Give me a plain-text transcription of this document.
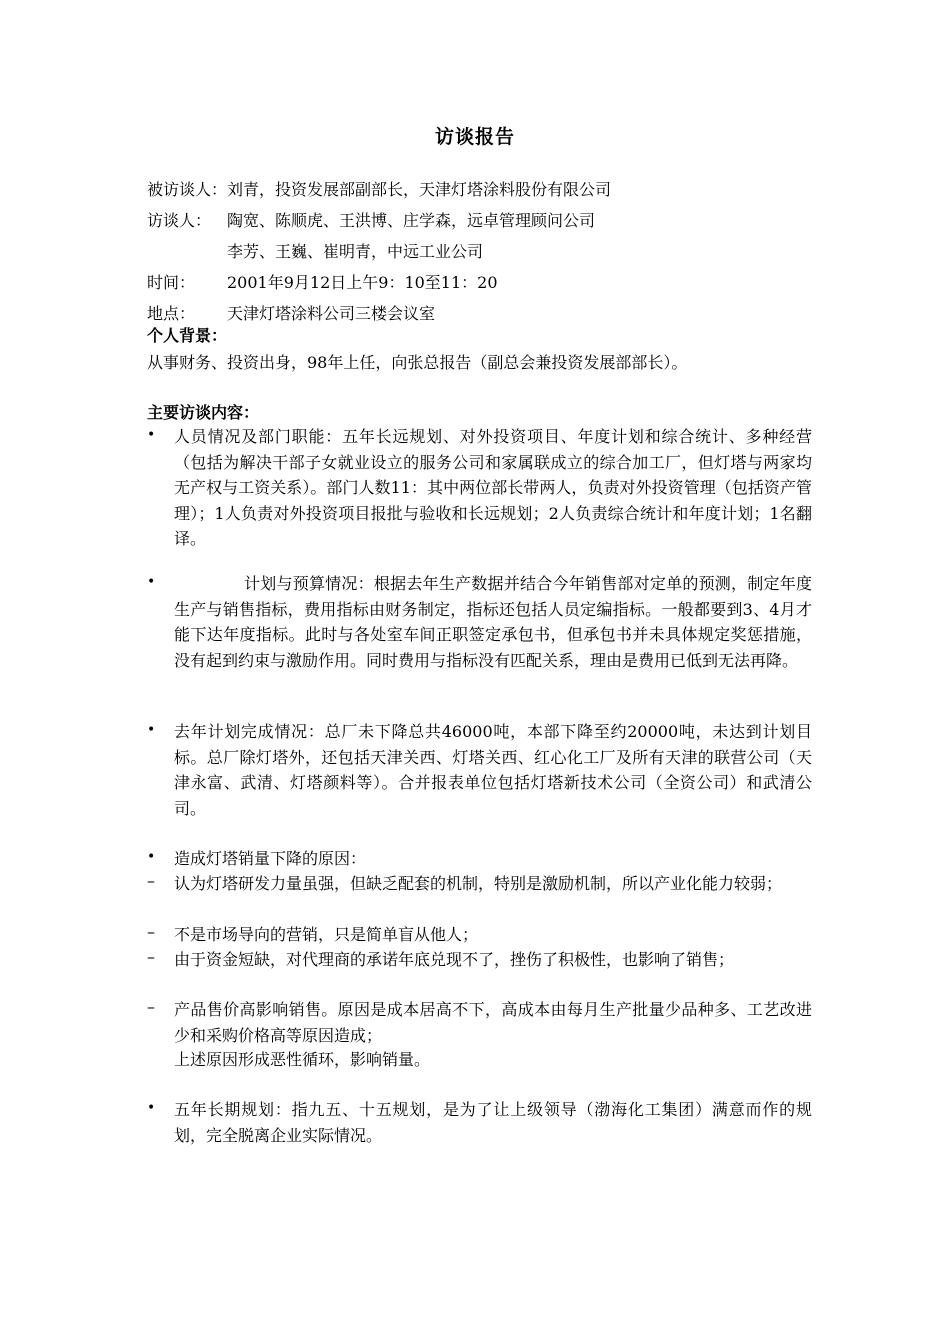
访谈报告
被访谈人： 刘青，投资发展部副部长，天津灯塔涂料股份有限公司
访谈人： 陶宽、陈顺虎、王洪博、庄学森，远卓管理顾问公司
李芳、王巍、崔明青，中远工业公司
时间：	2001年9月12日上午9：10至11：20
地点：	天津灯塔涂料公司三楼会议室
个人背景：
从事财务、投资出身，98年上任，向张总报告（副总会兼投资发展部部长）。
主要访谈内容：
•	人员情况及部门职能：五年长远规划、对外投资项目、年度计划和综合统计、多种经营（包括为解决干部子女就业设立的服务公司和家属联成立的综合加工厂，但灯塔与两家均无产权与工资关系）。部门人数11：其中两位部长带两人，负责对外投资管理（包括资产管理）；1人负责对外投资项目报批与验收和长远规划；2人负责综合统计和年度计划；1名翻译。
•	计划与预算情况：根据去年生产数据并结合今年销售部对定单的预测，制定年度生产与销售指标，费用指标由财务制定，指标还包括人员定编指标。一般都要到3、4月才能下达年度指标。此时与各处室车间正职签定承包书，但承包书并未具体规定奖惩措施，没有起到约束与激励作用。同时费用与指标没有匹配关系，理由是费用已低到无法再降。
•	去年计划完成情况：总厂未下降总共46000吨，本部下降至约20000吨，未达到计划目标。总厂除灯塔外，还包括天津关西、灯塔关西、红心化工厂及所有天津的联营公司（天津永富、武清、灯塔颜料等）。合并报表单位包括灯塔新技术公司（全资公司）和武清公司。
•	造成灯塔销量下降的原因：
–	认为灯塔研发力量虽强，但缺乏配套的机制，特别是激励机制，所以产业化能力较弱；
–	不是市场导向的营销，只是简单盲从他人；
–	由于资金短缺，对代理商的承诺年底兑现不了，挫伤了积极性，也影响了销售；
–	产品售价高影响销售。原因是成本居高不下，高成本由每月生产批量少品种多、工艺改进少和采购价格高等原因造成；
上述原因形成恶性循环，影响销量。
•	五年长期规划：指九五、十五规划，是为了让上级领导（渤海化工集团）满意而作的规划，完全脱离企业实际情况。
